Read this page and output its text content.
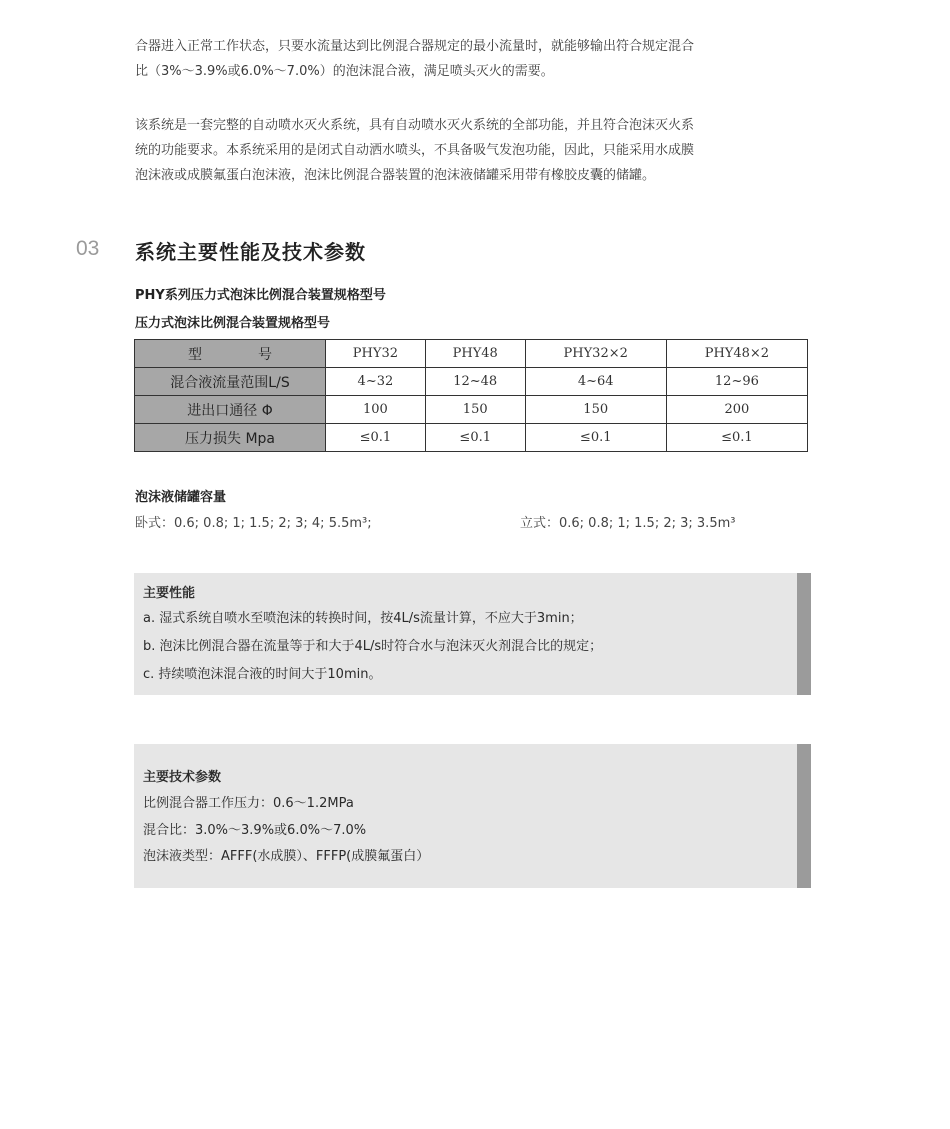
合器进入正常工作状态，只要水流量达到比例混合器规定的最小流量时，就能够输出符合规定混合
比（3%～3.9%或6.0%～7.0%）的泡沫混合液，满足喷头灭火的需要。

该系统是一套完整的自动喷水灭火系统，具有自动喷水灭火系统的全部功能，并且符合泡沫灭火系
统的功能要求。本系统采用的是闭式自动洒水喷头，不具备吸气发泡功能，因此，只能采用水成膜
泡沫液或成膜氟蛋白泡沫液，泡沫比例混合器装置的泡沫液储罐采用带有橡胶皮囊的储罐。

03 系统主要性能及技术参数
PHY系列压力式泡沫比例混合装置规格型号
压力式泡沫比例混合装置规格型号
型　　　　号	PHY32	PHY48	PHY32×2	PHY48×2
混合液流量范围L/S	4~32	12~48	4~64	12~96
进出口通径 Φ	100	150	150	200
压力损失 Mpa	≤0.1	≤0.1	≤0.1	≤0.1
泡沫液储罐容量
卧式：0.6; 0.8; 1; 1.5; 2; 3; 4; 5.5m³;	立式：0.6; 0.8; 1; 1.5; 2; 3; 3.5m³
主要性能
a. 湿式系统自喷水至喷泡沫的转换时间，按4L/s流量计算，不应大于3min；
b. 泡沫比例混合器在流量等于和大于4L/s时符合水与泡沫灭火剂混合比的规定；
c. 持续喷泡沫混合液的时间大于10min。
主要技术参数
比例混合器工作压力：0.6～1.2MPa
混合比：3.0%～3.9%或6.0%～7.0%
泡沫液类型：AFFF(水成膜）、FFFP(成膜氟蛋白）
